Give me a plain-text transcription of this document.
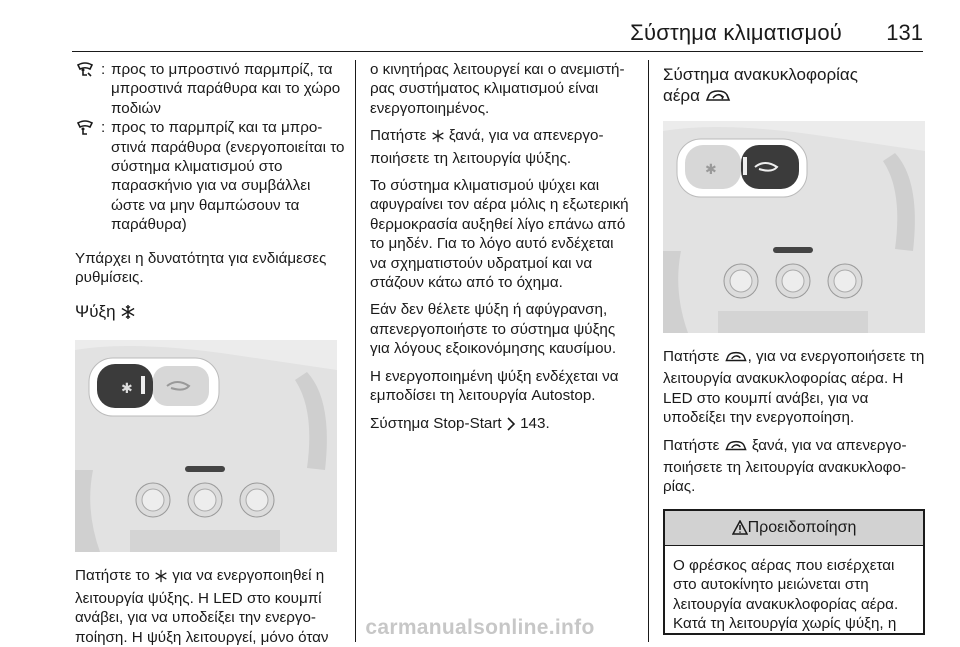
Σύστημα κλιματισμού 131
: προς το μπροστινό παρμπρίζ, τα μπροστινά παράθυρα και το χώρο ποδιών
: προς το παρμπρίζ και τα μπροστινά παράθυρα (ενεργοποιείται το σύστημα κλιματισμού στο παρασκήνιο για να συμβάλλει ώστε να μην θαμπώσουν τα παράθυρα)

Υπάρχει η δυνατότητα για ενδιάμεσες ρυθμίσεις.

Ψύξη
✱

Πατήστε το για να ενεργοποιηθεί η λειτουργία ψύξης. Η LED στο κουμπί ανάβει, για να υποδείξει την ενεργοποίηση. Η ψύξη λειτουργεί, μόνο όταν

ο κινητήρας λειτουργεί και ο ανεμιστήρας συστήματος κλιματισμού είναι ενεργοποιημένος.

Πατήστε ξανά, για να απενεργοποιήσετε τη λειτουργία ψύξης.

Το σύστημα κλιματισμού ψύχει και αφυγραίνει τον αέρα μόλις η εξωτερική θερμοκρασία αυξηθεί λίγο επάνω από το μηδέν. Για το λόγο αυτό ενδέχεται να σχηματιστούν υδρατμοί και να στάζουν κάτω από το όχημα.

Εάν δεν θέλετε ψύξη ή αφύγρανση, απενεργοποιήστε το σύστημα ψύξης για λόγους εξοικονόμησης καυσίμου.

Η ενεργοποιημένη ψύξη ενδέχεται να εμποδίσει τη λειτουργία Autostop.

Σύστημα Stop-Start 143.

Σύστημα ανακυκλοφορίας
αέρα
✱

Πατήστε , για να ενεργοποιήσετε τη λειτουργία ανακυκλοφορίας αέρα. Η LED στο κουμπί ανάβει, για να υποδείξει την ενεργοποίηση.

Πατήστε ξανά, για να απενεργοποιήσετε τη λειτουργία ανακυκλοφορίας.

Προειδοποίηση
Ο φρέσκος αέρας που εισέρχεται στο αυτοκίνητο μειώνεται στη λειτουργία ανακυκλοφορίας αέρα. Κατά τη λειτουργία χωρίς ψύξη, η
carmanualsonline.info
